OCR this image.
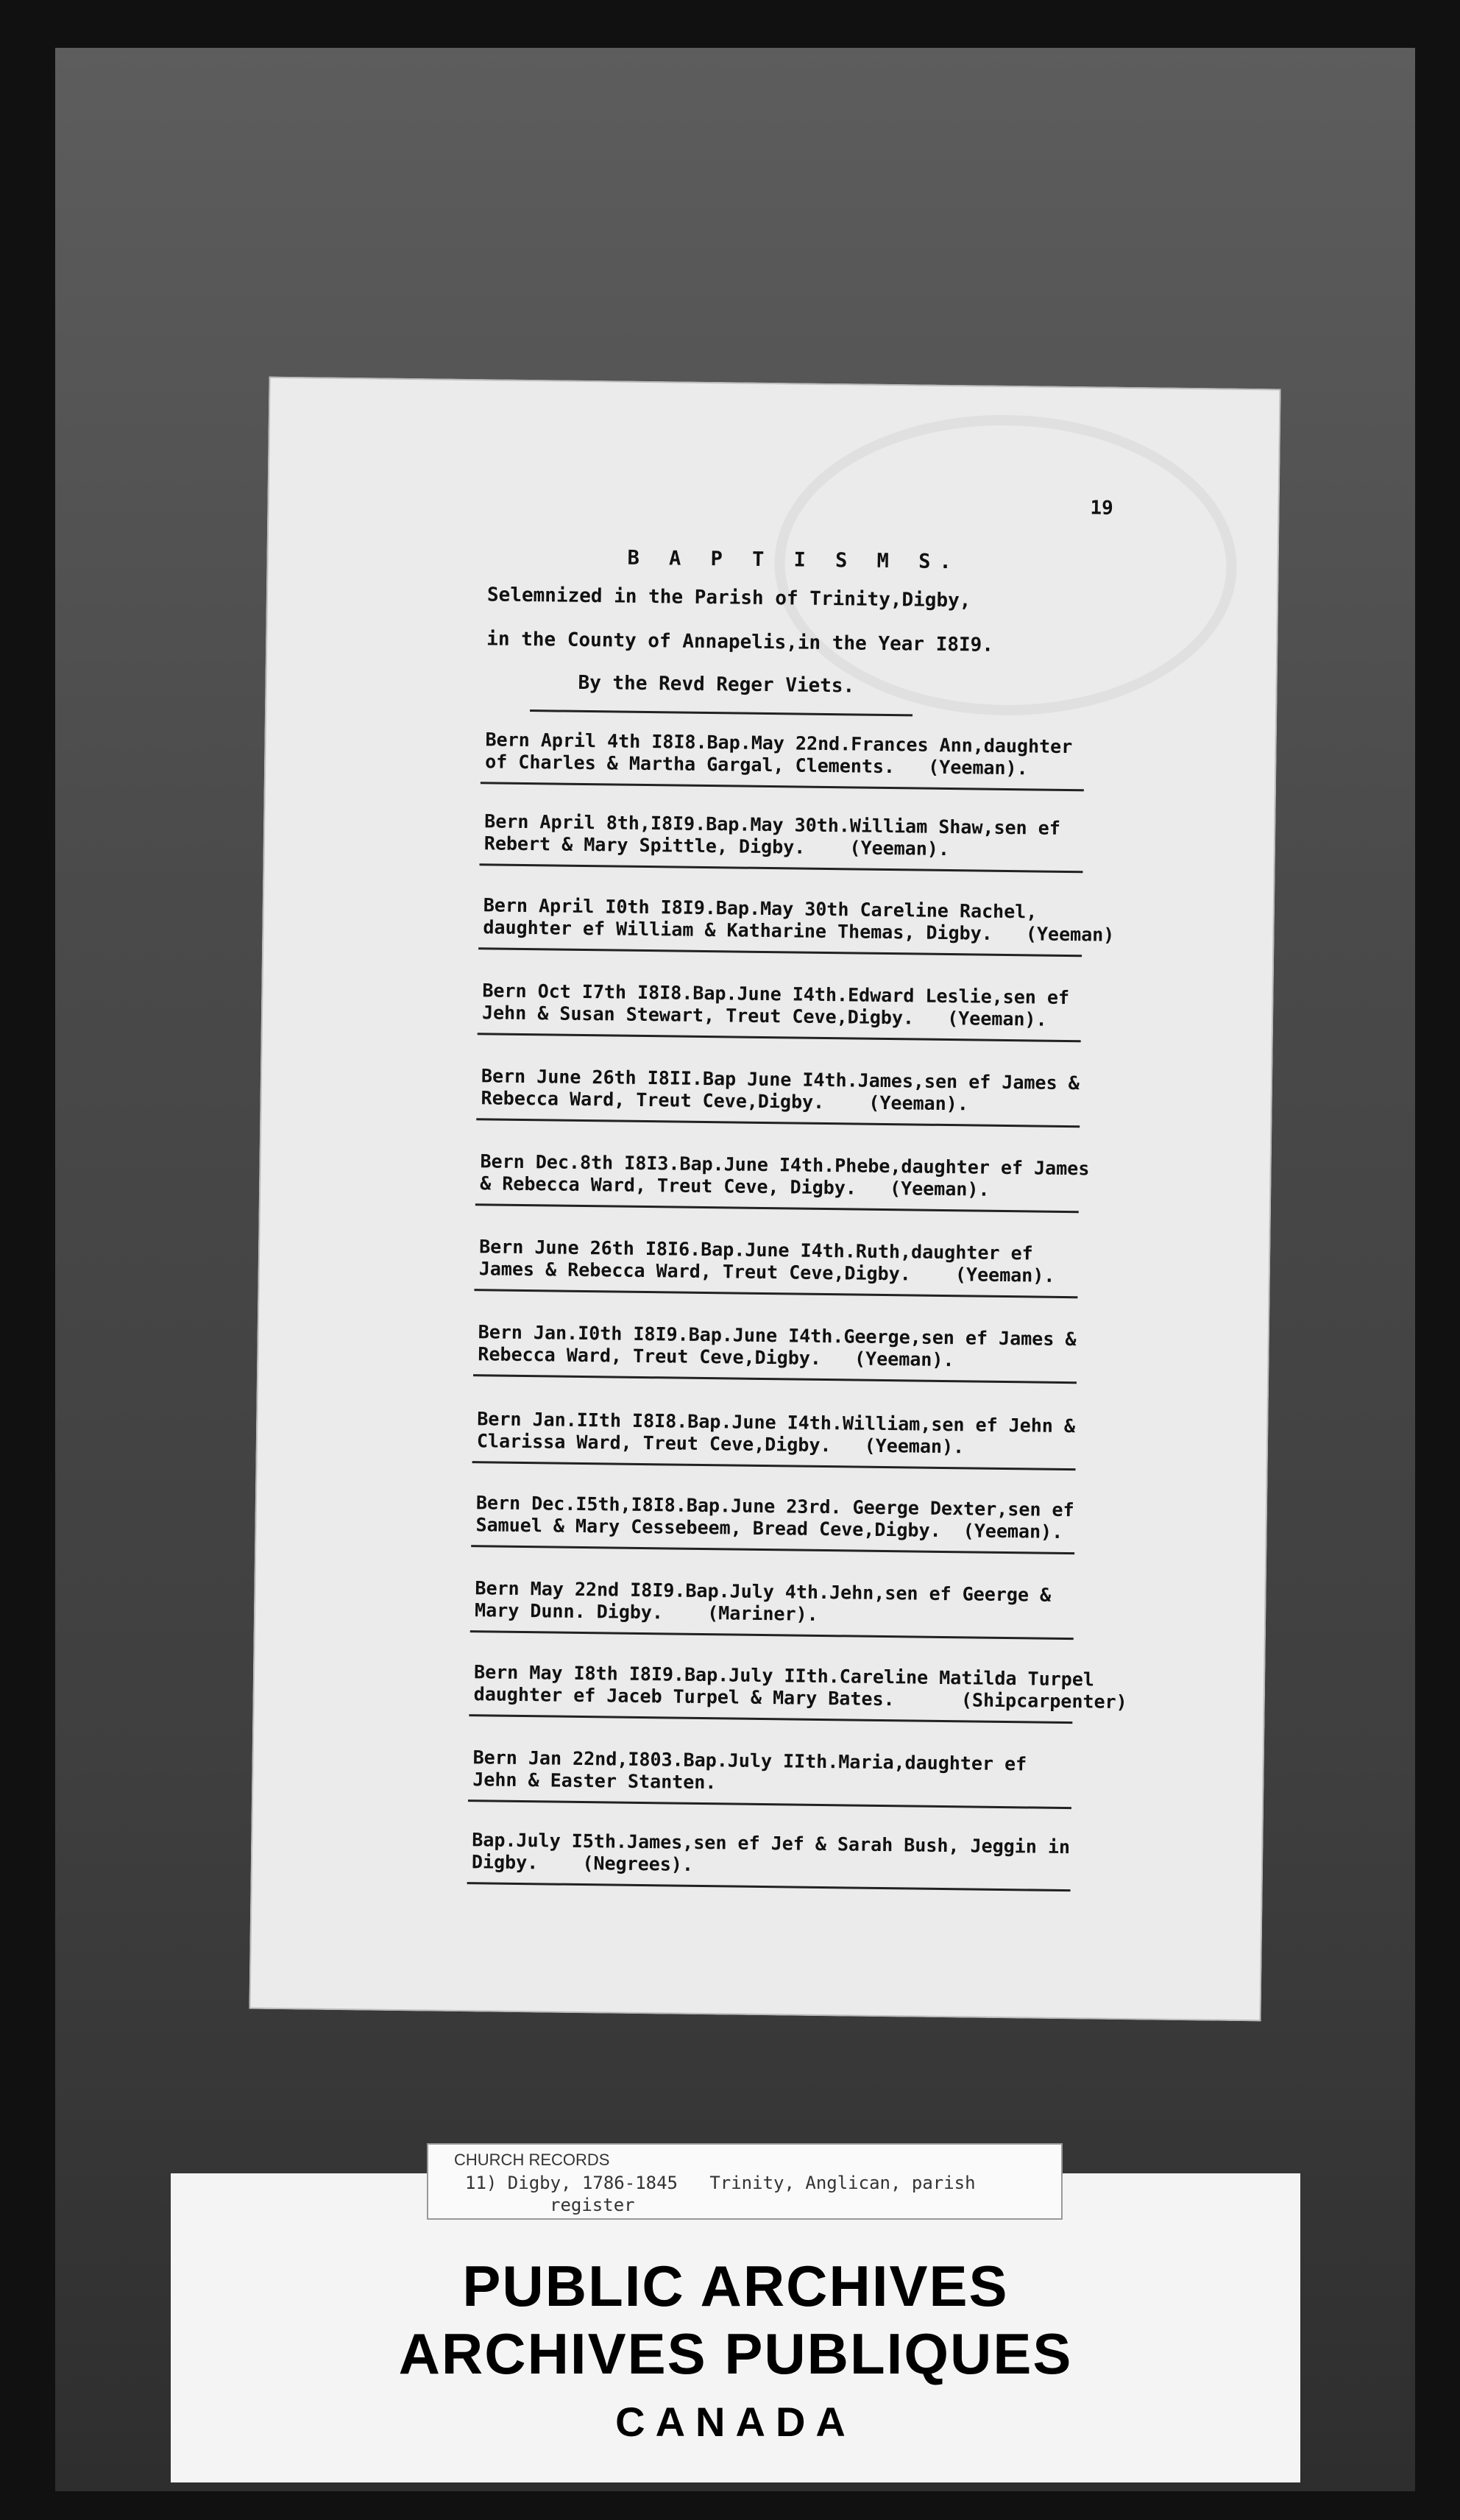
19
B A P T I S M S.
Selemnized in the Parish of Trinity,Digby,
in the County of Annapelis,in the Year I8I9.
By the Revd Reger Viets.
Bern April 4th I8I8.Bap.May 22nd.Frances Ann,daughter
of Charles & Martha Gargal, Clements.   (Yeeman).
Bern April 8th,I8I9.Bap.May 30th.William Shaw,sen ef
Rebert & Mary Spittle, Digby.    (Yeeman).
Bern April I0th I8I9.Bap.May 30th Careline Rachel,
daughter ef William & Katharine Themas, Digby.   (Yeeman)
Bern Oct I7th I8I8.Bap.June I4th.Edward Leslie,sen ef
Jehn & Susan Stewart, Treut Ceve,Digby.   (Yeeman).
Bern June 26th I8II.Bap June I4th.James,sen ef James &
Rebecca Ward, Treut Ceve,Digby.    (Yeeman).
Bern Dec.8th I8I3.Bap.June I4th.Phebe,daughter ef James
& Rebecca Ward, Treut Ceve, Digby.   (Yeeman).
Bern June 26th I8I6.Bap.June I4th.Ruth,daughter ef
James & Rebecca Ward, Treut Ceve,Digby.    (Yeeman).
Bern Jan.I0th I8I9.Bap.June I4th.Geerge,sen ef James &
Rebecca Ward, Treut Ceve,Digby.   (Yeeman).
Bern Jan.IIth I8I8.Bap.June I4th.William,sen ef Jehn &
Clarissa Ward, Treut Ceve,Digby.   (Yeeman).
Bern Dec.I5th,I8I8.Bap.June 23rd. Geerge Dexter,sen ef
Samuel & Mary Cessebeem, Bread Ceve,Digby.  (Yeeman).
Bern May 22nd I8I9.Bap.July 4th.Jehn,sen ef Geerge &
Mary Dunn. Digby.    (Mariner).
Bern May I8th I8I9.Bap.July IIth.Careline Matilda Turpel
daughter ef Jaceb Turpel & Mary Bates.      (Shipcarpenter)
Bern Jan 22nd,I803.Bap.July IIth.Maria,daughter ef
Jehn & Easter Stanten.
Bap.July I5th.James,sen ef Jef & Sarah Bush, Jeggin in
Digby.    (Negrees).
PUBLIC ARCHIVES
ARCHIVES PUBLIQUES
CANADA
CHURCH RECORDS
11) Digby, 1786-1845   Trinity, Anglican, parish
register
